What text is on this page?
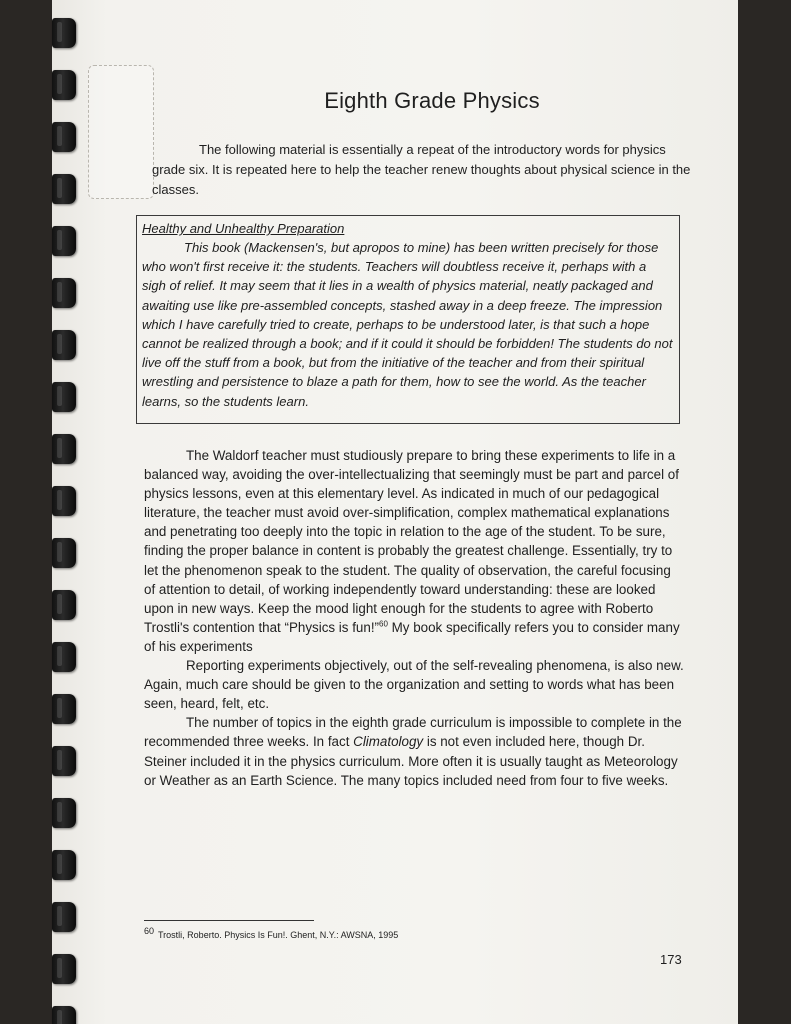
Eighth Grade Physics
The following material is essentially a repeat of the introductory words for physics grade six. It is repeated here to help the teacher renew thoughts about physical science in the classes.
Healthy and Unhealthy Preparation
This book (Mackensen's, but apropos to mine) has been written precisely for those who won't first receive it: the students. Teachers will doubtless receive it, perhaps with a sigh of relief. It may seem that it lies in a wealth of physics material, neatly packaged and awaiting use like pre-assembled concepts, stashed away in a deep freeze. The impression which I have carefully tried to create, perhaps to be understood later, is that such a hope cannot be realized through a book; and if it could it should be forbidden! The students do not live off the stuff from a book, but from the initiative of the teacher and from their spiritual wrestling and persistence to blaze a path for them, how to see the world. As the teacher learns, so the students learn.

The Waldorf teacher must studiously prepare to bring these experiments to life in a balanced way, avoiding the over-intellectualizing that seemingly must be part and parcel of physics lessons, even at this elementary level. As indicated in much of our pedagogical literature, the teacher must avoid over-simplification, complex mathematical explanations and penetrating too deeply into the topic in relation to the age of the student. To be sure, finding the proper balance in content is probably the greatest challenge. Essentially, try to let the phenomenon speak to the student. The quality of observation, the careful focusing of attention to detail, of working independently toward understanding: these are looked upon in new ways. Keep the mood light enough for the students to agree with Roberto Trostli's contention that “Physics is fun!”$^{60}$ My book specifically refers you to consider many of his experiments

Reporting experiments objectively, out of the self-revealing phenomena, is also new. Again, much care should be given to the organization and setting to words what has been seen, heard, felt, etc.

The number of topics in the eighth grade curriculum is impossible to complete in the recommended three weeks. In fact Climatology is not even included here, though Dr. Steiner included it in the physics curriculum. More often it is usually taught as Meteorology or Weather as an Earth Science. The many topics included need from four to five weeks.

$^{60}$ Trostli, Roberto. Physics Is Fun!. Ghent, N.Y.: AWSNA, 1995
173
